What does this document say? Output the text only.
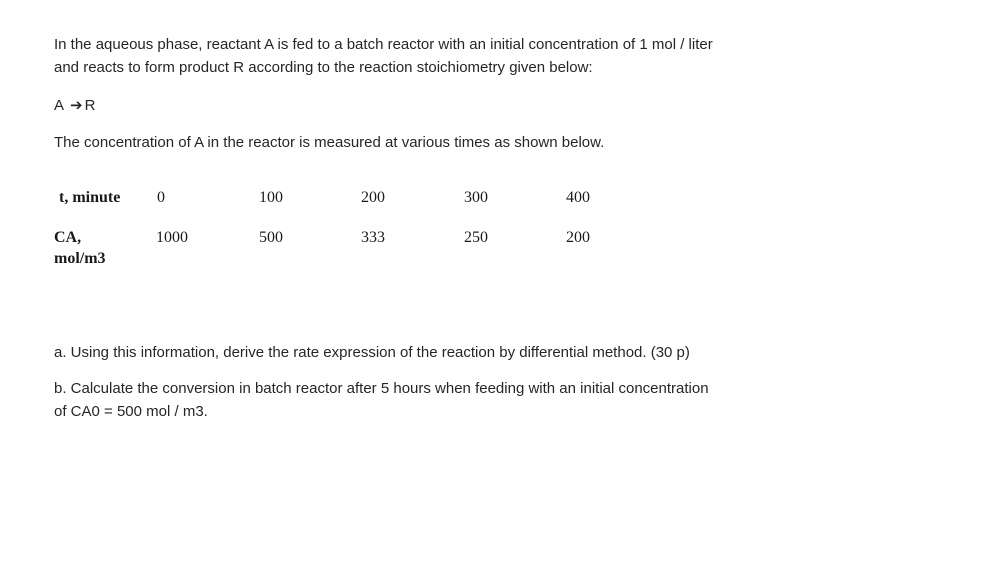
In the aqueous phase, reactant A is fed to a batch reactor with an initial concentration of 1 mol / liter
and reacts to form product R according to the reaction stoichiometry given below:
A ➔ R
The concentration of A in the reactor is measured at various times as shown below.
t, minute 0	100	200	300	400
CA,
mol/m3
1000	500	333	250	200
a. Using this information, derive the rate expression of the reaction by differential method. (30 p)
b. Calculate the conversion in batch reactor after 5 hours when feeding with an initial concentration
of CA0 = 500 mol / m3.
